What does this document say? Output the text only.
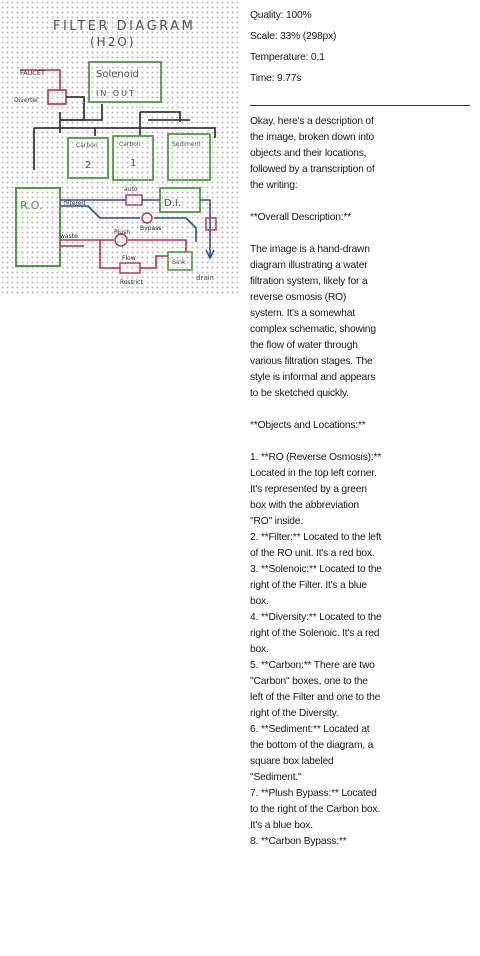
FILTER DIAGRAM
(H2O)
FAUCET
Diverter
Solenoid
IN OUT
Carbon
2
Carbon
1
Sediment
R.O.	D.I.
auto
filtered
waste
Plush
Bypass
Flow
Restrict
Sink
drain
Quality: 100%
Scale: 33% (298px)
Temperature: 0.1
Time: 9.77s

Okay, here's a description of the image, broken down into objects and their locations, followed by a transcription of the writing:

**Overall Description:**

The image is a hand-drawn diagram illustrating a water filtration system, likely for a reverse osmosis (RO) system. It's a somewhat complex schematic, showing the flow of water through various filtration stages. The style is informal and appears to be sketched quickly.

**Objects and Locations:**

1. **RO (Reverse Osmosis):** Located in the top left corner. It's represented by a green box with the abbreviation "RO" inside.

2. **Filter:** Located to the left of the RO unit. It's a red box.

3. **Solenoic:** Located to the right of the Filter. It's a blue box.

4. **Diversity:** Located to the right of the Solenoic. It's a red box.

5. **Carbon:** There are two "Carbon" boxes, one to the left of the Filter and one to the right of the Diversity.

6. **Sediment:** Located at the bottom of the diagram, a square box labeled "Sediment."

7. **Plush Bypass:** Located to the right of the Carbon box. It's a blue box.

8. **Carbon Bypass:**
